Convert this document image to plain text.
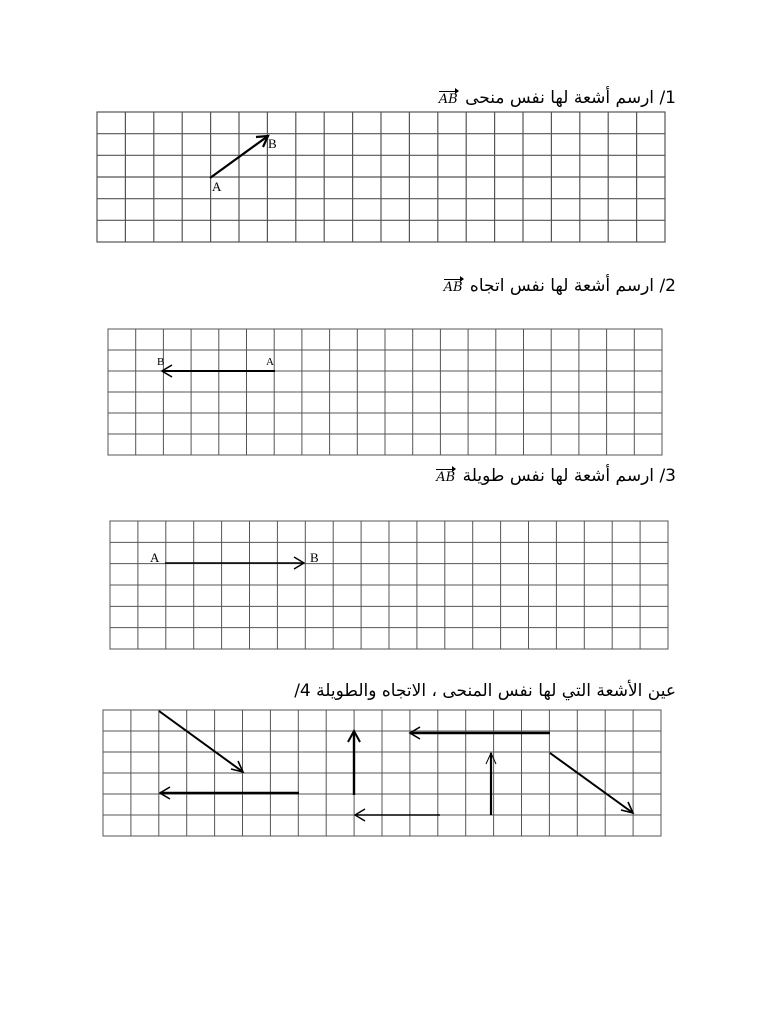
1/ ارسم أشعة لها نفس منحى AB
A
B
2/ ارسم أشعة لها نفس اتجاه AB
A
B
3/ ارسم أشعة لها نفس طويلة AB
A	B
عين الأشعة التي لها نفس المنحى ، الاتجاه والطويلة 4/
